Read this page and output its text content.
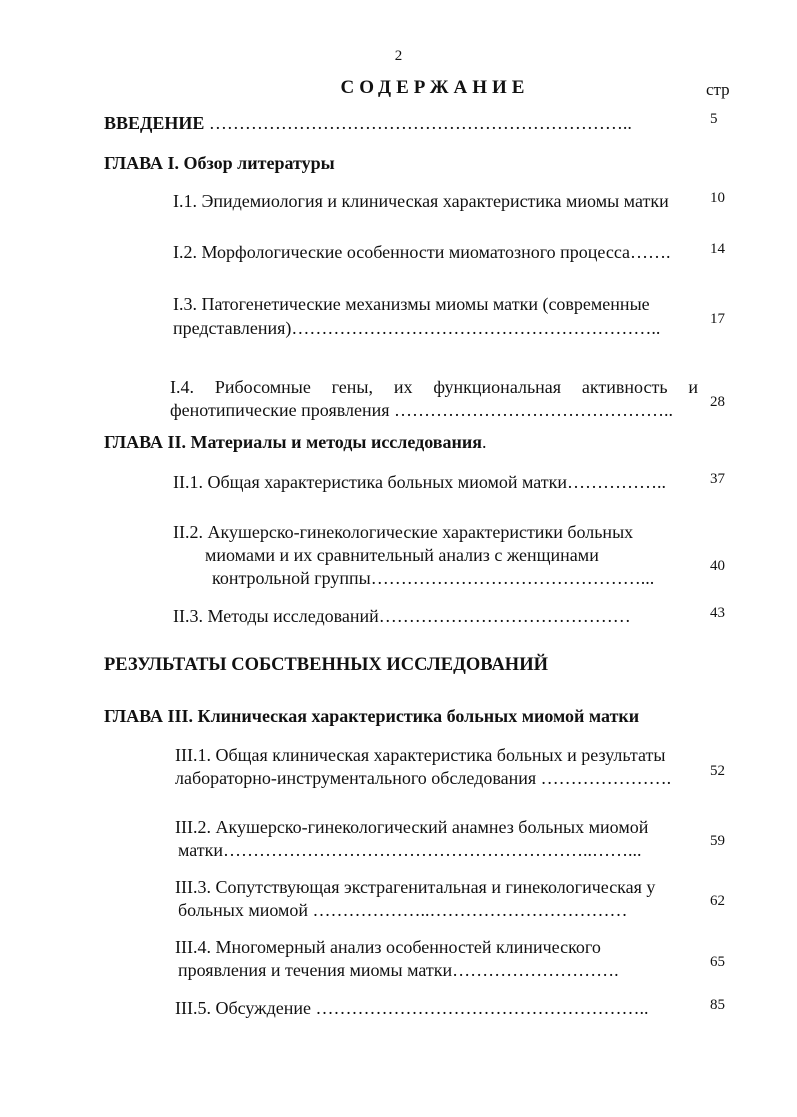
2
СОДЕРЖАНИЕ	стр
ВВЕДЕНИЕ ……………………………………………………………..	5
ГЛАВА I. Обзор литературы
I.1. Эпидемиология и клиническая характеристика миомы матки	10
I.2. Морфологические особенности миоматозного процесса…….	14
I.3. Патогенетические механизмы миомы матки (современные
представления)……………………………………………………..	17
I.4. Рибосомные гены, их функциональная активность и
фенотипические проявления ……………………………………….. 28
ГЛАВА II. Материалы и методы исследования.
II.1. Общая характеристика больных миомой матки……………..	37
II.2. Акушерско-гинекологические характеристики больных
миомами и их сравнительный анализ с женщинами
контрольной группы………………………………………...
40
II.3. Методы исследований……………………………………	43
РЕЗУЛЬТАТЫ СОБСТВЕННЫХ ИССЛЕДОВАНИЙ
ГЛАВА III. Клиническая характеристика больных миомой матки
III.1. Общая клиническая характеристика больных и результаты
лабораторно-инструментального обследования ………………….	52
III.2. Акушерско-гинекологический анамнез больных миомой
матки……………………………………………………..……...	59
III.3. Сопутствующая экстрагенитальная и гинекологическая у
больных миомой ………………..……………………………	62
III.4. Многомерный анализ особенностей клинического
проявления и течения миомы матки……………………….	65
III.5. Обсуждение ………………………………………………..	85
